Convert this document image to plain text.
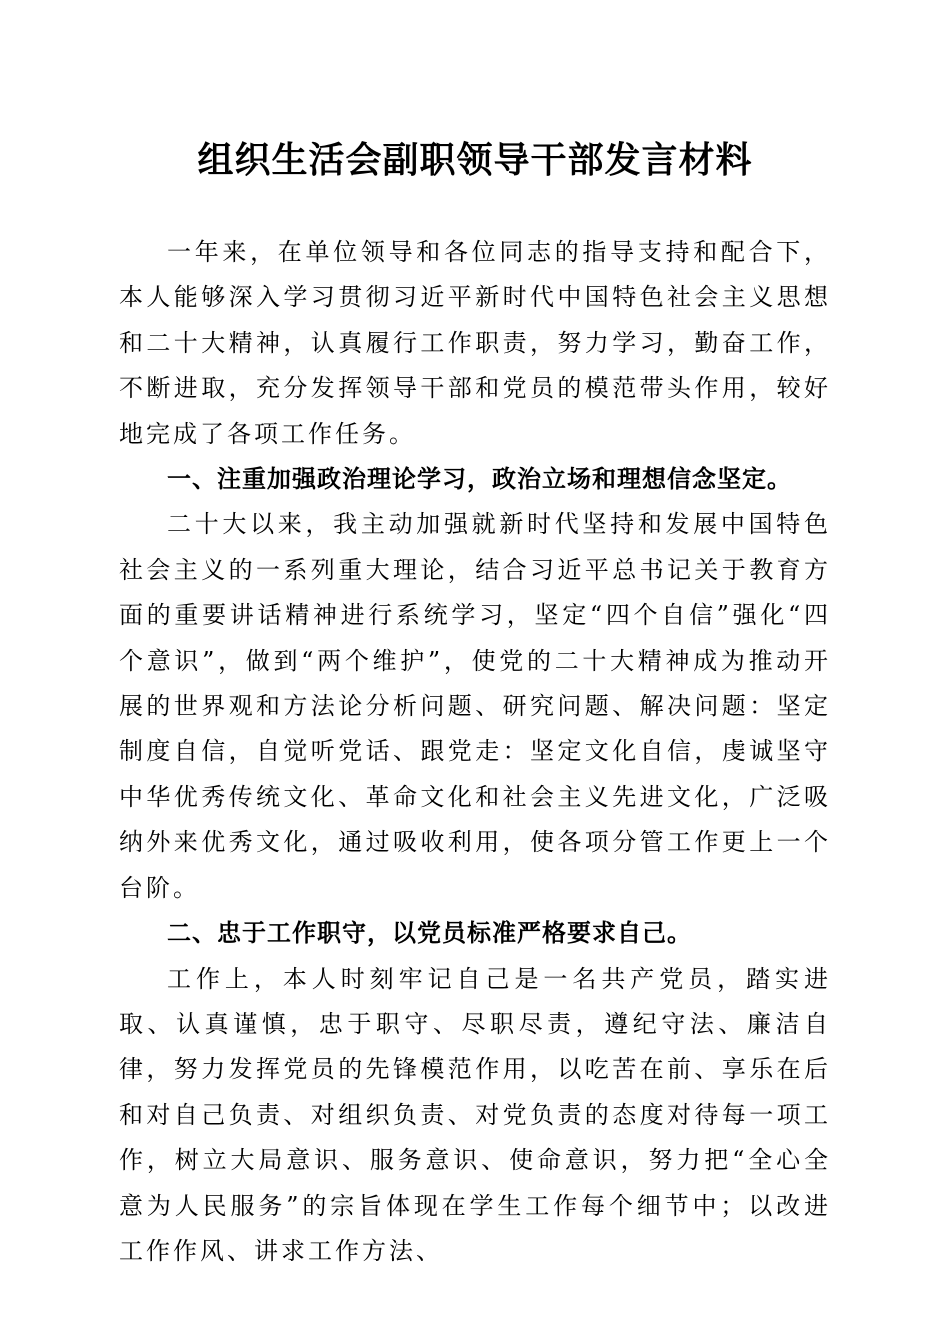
组织生活会副职领导干部发言材料

一年来，在单位领导和各位同志的指导支持和配合下，本人能够深入学习贯彻习近平新时代中国特色社会主义思想和二十大精神，认真履行工作职责，努力学习，勤奋工作，不断进取，充分发挥领导干部和党员的模范带头作用，较好地完成了各项工作任务。

一、注重加强政治理论学习，政治立场和理想信念坚定。

二十大以来，我主动加强就新时代坚持和发展中国特色社会主义的一系列重大理论，结合习近平总书记关于教育方面的重要讲话精神进行系统学习，坚定“四个自信”强化“四个意识”，做到“两个维护”，使党的二十大精神成为推动开展的世界观和方法论分析问题、研究问题、解决问题：坚定制度自信，自觉听党话、跟党走：坚定文化自信，虔诚坚守中华优秀传统文化、革命文化和社会主义先进文化，广泛吸纳外来优秀文化，通过吸收利用，使各项分管工作更上一个台阶。

二、忠于工作职守，以党员标准严格要求自己。

工作上，本人时刻牢记自己是一名共产党员，踏实进取、认真谨慎，忠于职守、尽职尽责，遵纪守法、廉洁自律，努力发挥党员的先锋模范作用，以吃苦在前、享乐在后和对自己负责、对组织负责、对党负责的态度对待每一项工作，树立大局意识、服务意识、使命意识，努力把“全心全意为人民服务”的宗旨体现在学生工作每个细节中；以改进工作作风、讲求工作方法、
